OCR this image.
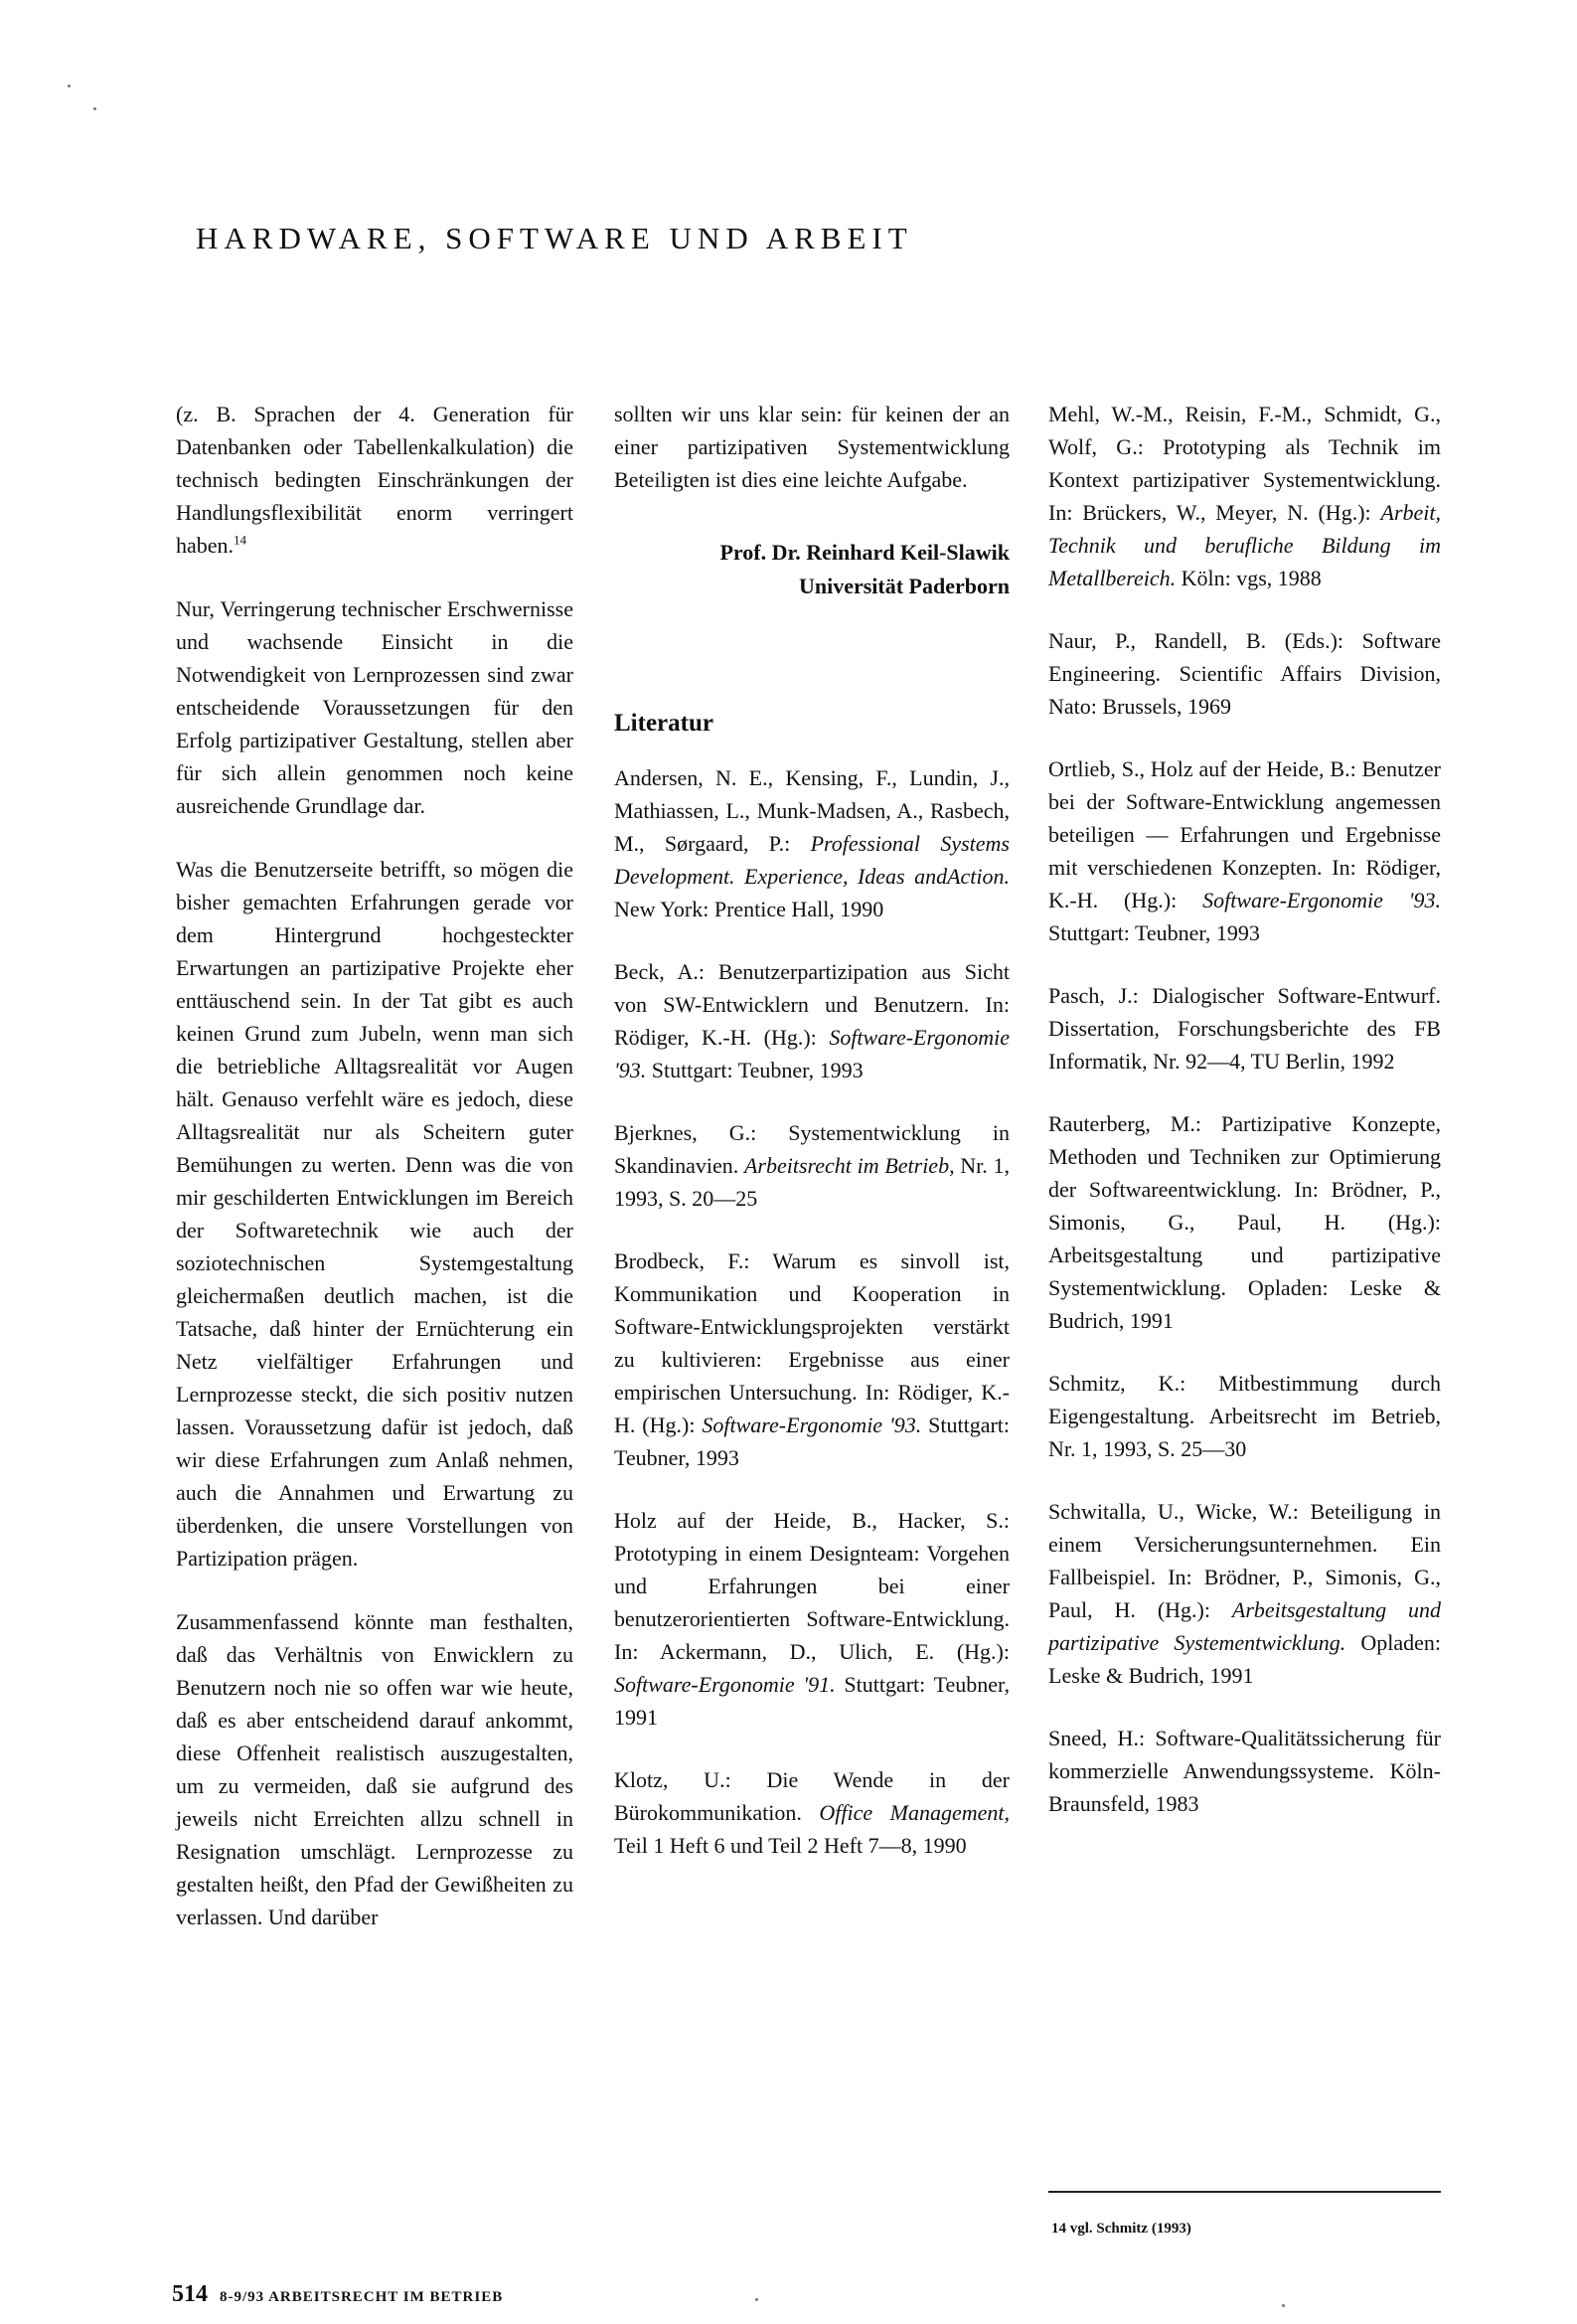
HARDWARE, SOFTWARE UND ARBEIT

(z. B. Sprachen der 4. Generation für Datenbanken oder Tabellenkalkulation) die technisch bedingten Einschränkungen der Handlungsflexibilität enorm verringert haben.$^{14}$

Nur, Verringerung technischer Erschwernisse und wachsende Einsicht in die Notwendigkeit von Lernprozessen sind zwar entscheidende Voraussetzungen für den Erfolg partizipativer Gestaltung, stellen aber für sich allein genommen noch keine ausreichende Grundlage dar.

Was die Benutzerseite betrifft, so mögen die bisher gemachten Erfahrungen gerade vor dem Hintergrund hochgesteckter Erwartungen an partizipative Projekte eher enttäuschend sein. In der Tat gibt es auch keinen Grund zum Jubeln, wenn man sich die betriebliche Alltagsrealität vor Augen hält. Genauso verfehlt wäre es jedoch, diese Alltagsrealität nur als Scheitern guter Bemühungen zu werten. Denn was die von mir geschilderten Entwicklungen im Bereich der Softwaretechnik wie auch der soziotechnischen Systemgestaltung gleichermaßen deutlich machen, ist die Tatsache, daß hinter der Ernüchterung ein Netz vielfältiger Erfahrungen und Lernprozesse steckt, die sich positiv nutzen lassen. Voraussetzung dafür ist jedoch, daß wir diese Erfahrungen zum Anlaß nehmen, auch die Annahmen und Erwartung zu überdenken, die unsere Vorstellungen von Partizipation prägen.

Zusammenfassend könnte man festhalten, daß das Verhältnis von Enwicklern zu Benutzern noch nie so offen war wie heute, daß es aber entscheidend darauf ankommt, diese Offenheit realistisch auszugestalten, um zu vermeiden, daß sie aufgrund des jeweils nicht Erreichten allzu schnell in Resignation umschlägt. Lernprozesse zu gestalten heißt, den Pfad der Gewißheiten zu verlassen. Und darüber

sollten wir uns klar sein: für keinen der an einer partizipativen Systementwicklung Beteiligten ist dies eine leichte Aufgabe.

Prof. Dr. Reinhard Keil-Slawik
Universität Paderborn
Literatur

Andersen, N. E., Kensing, F., Lundin, J., Mathiassen, L., Munk-Madsen, A., Rasbech, M., Sørgaard, P.: Professional Systems Development. Experience, Ideas andAction. New York: Prentice Hall, 1990

Beck, A.: Benutzerpartizipation aus Sicht von SW-Entwicklern und Benutzern. In: Rödiger, K.-H. (Hg.): Software-Ergonomie '93. Stuttgart: Teubner, 1993

Bjerknes, G.: Systementwicklung in Skandinavien. Arbeitsrecht im Betrieb, Nr. 1, 1993, S. 20—25

Brodbeck, F.: Warum es sinvoll ist, Kommunikation und Kooperation in Software-Entwicklungsprojekten verstärkt zu kultivieren: Ergebnisse aus einer empirischen Untersuchung. In: Rödiger, K.-H. (Hg.): Software-Ergonomie '93. Stuttgart: Teubner, 1993

Holz auf der Heide, B., Hacker, S.: Prototyping in einem Designteam: Vorgehen und Erfahrungen bei einer benutzerorientierten Software-Entwicklung. In: Ackermann, D., Ulich, E. (Hg.): Software-Ergonomie '91. Stuttgart: Teubner, 1991

Klotz, U.: Die Wende in der Bürokommunikation. Office Management, Teil 1 Heft 6 und Teil 2 Heft 7—8, 1990

Mehl, W.-M., Reisin, F.-M., Schmidt, G., Wolf, G.: Prototyping als Technik im Kontext partizipativer Systementwicklung. In: Brückers, W., Meyer, N. (Hg.): Arbeit, Technik und berufliche Bildung im Metallbereich. Köln: vgs, 1988

Naur, P., Randell, B. (Eds.): Software Engineering. Scientific Affairs Division, Nato: Brussels, 1969

Ortlieb, S., Holz auf der Heide, B.: Benutzer bei der Software-Entwicklung angemessen beteiligen — Erfahrungen und Ergebnisse mit verschiedenen Konzepten. In: Rödiger, K.-H. (Hg.): Software-Ergonomie '93. Stuttgart: Teubner, 1993

Pasch, J.: Dialogischer Software-Entwurf. Dissertation, Forschungsberichte des FB Informatik, Nr. 92—4, TU Berlin, 1992

Rauterberg, M.: Partizipative Konzepte, Methoden und Techniken zur Optimierung der Softwareentwicklung. In: Brödner, P., Simonis, G., Paul, H. (Hg.): Arbeitsgestaltung und partizipative Systementwicklung. Opladen: Leske & Budrich, 1991

Schmitz, K.: Mitbestimmung durch Eigengestaltung. Arbeitsrecht im Betrieb, Nr. 1, 1993, S. 25—30

Schwitalla, U., Wicke, W.: Beteiligung in einem Versicherungsunternehmen. Ein Fallbeispiel. In: Brödner, P., Simonis, G., Paul, H. (Hg.): Arbeitsgestaltung und partizipative Systementwicklung. Opladen: Leske & Budrich, 1991

Sneed, H.: Software-Qualitätssicherung für kommerzielle Anwendungssysteme. Köln-Braunsfeld, 1983

14 vgl. Schmitz (1993)
514 8-9/93 ARBEITSRECHT IM BETRIEB
